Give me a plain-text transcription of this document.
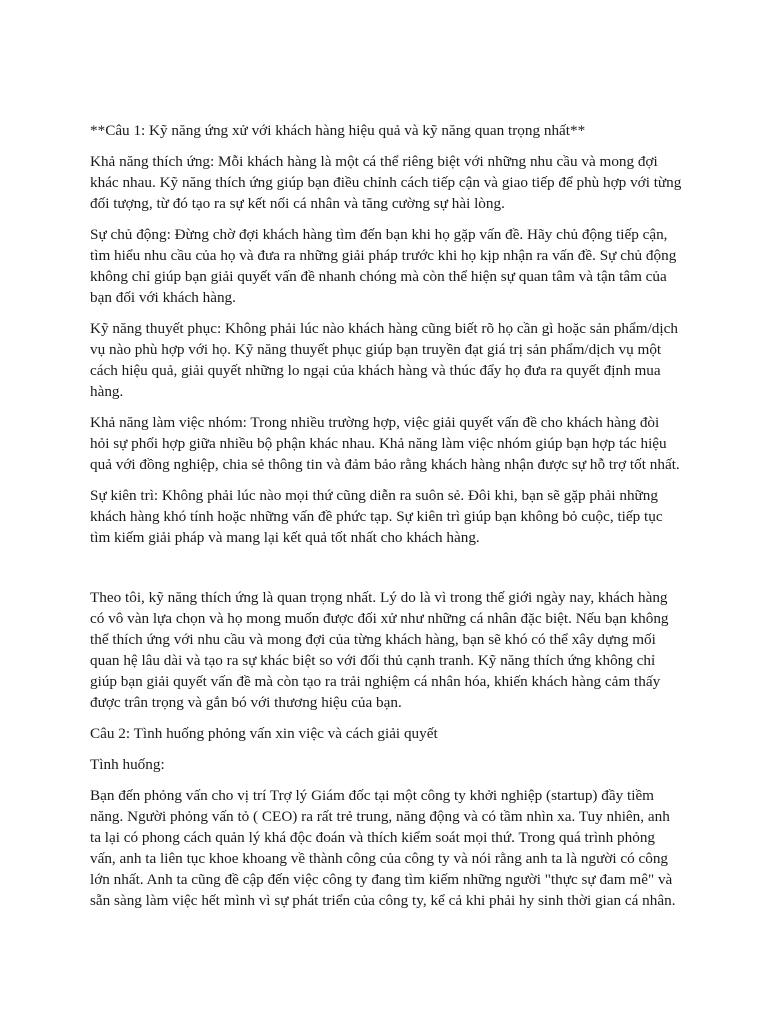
**Câu 1: Kỹ năng ứng xử với khách hàng hiệu quả và kỹ năng quan trọng nhất**

Khả năng thích ứng: Mỗi khách hàng là một cá thể riêng biệt với những nhu cầu và mong đợi khác nhau. Kỹ năng thích ứng giúp bạn điều chỉnh cách tiếp cận và giao tiếp để phù hợp với từng đối tượng, từ đó tạo ra sự kết nối cá nhân và tăng cường sự hài lòng.

Sự chủ động: Đừng chờ đợi khách hàng tìm đến bạn khi họ gặp vấn đề. Hãy chủ động tiếp cận, tìm hiểu nhu cầu của họ và đưa ra những giải pháp trước khi họ kịp nhận ra vấn đề. Sự chủ động không chỉ giúp bạn giải quyết vấn đề nhanh chóng mà còn thể hiện sự quan tâm và tận tâm của bạn đối với khách hàng.

Kỹ năng thuyết phục: Không phải lúc nào khách hàng cũng biết rõ họ cần gì hoặc sản phẩm/dịch vụ nào phù hợp với họ. Kỹ năng thuyết phục giúp bạn truyền đạt giá trị sản phẩm/dịch vụ một cách hiệu quả, giải quyết những lo ngại của khách hàng và thúc đẩy họ đưa ra quyết định mua hàng.

Khả năng làm việc nhóm: Trong nhiều trường hợp, việc giải quyết vấn đề cho khách hàng đòi hỏi sự phối hợp giữa nhiều bộ phận khác nhau. Khả năng làm việc nhóm giúp bạn hợp tác hiệu quả với đồng nghiệp, chia sẻ thông tin và đảm bảo rằng khách hàng nhận được sự hỗ trợ tốt nhất.

Sự kiên trì: Không phải lúc nào mọi thứ cũng diễn ra suôn sẻ. Đôi khi, bạn sẽ gặp phải những khách hàng khó tính hoặc những vấn đề phức tạp. Sự kiên trì giúp bạn không bỏ cuộc, tiếp tục tìm kiếm giải pháp và mang lại kết quả tốt nhất cho khách hàng.

Theo tôi, kỹ năng thích ứng là quan trọng nhất. Lý do là vì trong thế giới ngày nay, khách hàng có vô vàn lựa chọn và họ mong muốn được đối xử như những cá nhân đặc biệt. Nếu bạn không thể thích ứng với nhu cầu và mong đợi của từng khách hàng, bạn sẽ khó có thể xây dựng mối quan hệ lâu dài và tạo ra sự khác biệt so với đối thủ cạnh tranh. Kỹ năng thích ứng không chỉ giúp bạn giải quyết vấn đề mà còn tạo ra trải nghiệm cá nhân hóa, khiến khách hàng cảm thấy được trân trọng và gắn bó với thương hiệu của bạn.

Câu 2: Tình huống phỏng vấn xin việc và cách giải quyết

Tình huống:

Bạn đến phỏng vấn cho vị trí Trợ lý Giám đốc tại một công ty khởi nghiệp (startup) đầy tiềm năng. Người phỏng vấn tỏ ( CEO) ra rất trẻ trung, năng động và có tầm nhìn xa. Tuy nhiên, anh ta lại có phong cách quản lý khá độc đoán và thích kiểm soát mọi thứ. Trong quá trình phỏng vấn, anh ta liên tục khoe khoang về thành công của công ty và nói rằng anh ta là người có công lớn nhất. Anh ta cũng đề cập đến việc công ty đang tìm kiếm những người "thực sự đam mê" và sẵn sàng làm việc hết mình vì sự phát triển của công ty, kể cả khi phải hy sinh thời gian cá nhân.
